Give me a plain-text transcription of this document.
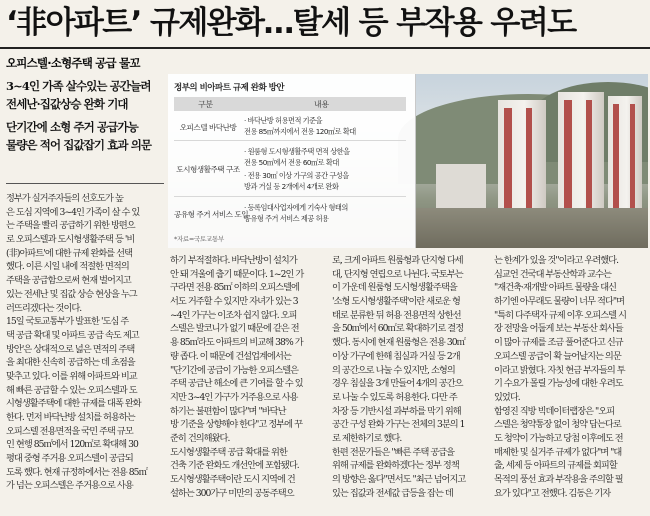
‘非아파트’ 규제완화…탈세 등 부작용 우려도
오피스텔·소형주택 공급 물꼬
3~4인 가족 살수있는 공간늘려
전세난·집값상승 완화 기대
단기간에 소형 주거 공급가능
물량은 적어 집값잡기 효과 의문
정부의 비아파트 규제 완화 방안
구분	내용
오피스텔 바닥난방
· 바닥난방 허용면적 기준을
전용 85㎡까지에서 전용 120㎡로 확대
도시형생활주택 구조
· 원룸형 도시형생활주택 면적 상한을
전용 50㎡에서 전용 60㎡로 확대
· 전용 30㎡ 이상 가구의 공간 구성을
방과 거실 등 2개에서 4개로 완화
공유형 주거 서비스 도입
· 등록임대사업자에게 기숙사 형태의
공유형 주거 서비스 제공 허용
*자료=국토교통부
정부가 실거주자들의 선호도가 높
은 도심 지역에 3~4인 가족이 살 수 있
는 주택을 빨리 공급하기 위한 방편으
로 오피스텔과 도시형생활주택 등 '비
(非)아파트'에 대한 규제 완화를 선택
했다. 이른 시일 내에 적절한 면적의
주택을 공급함으로써 현재 벌어지고
있는 전세난 및 집값 상승 현상을 누그
러뜨리겠다는 것이다.
15일 국토교통부가 발표한 '도심 주
택 공급 확대 및 아파트 공급 속도 제고
방안'은 상대적으로 넓은 면적의 주택
을 최대한 신속히 공급하는 데 초점을
맞추고 있다. 이를 위해 아파트와 비교
해 빠른 공급할 수 있는 오피스텔과 도
시형생활주택에 대한 규제를 대폭 완화
한다. 먼저 바닥난방 설치를 허용하는
오피스텔 전용면적을 국민 주택 규모
인 현행 85㎡에서 120㎡로 확대해 30
평대 중형 주거용 오피스텔이 공급되
도록 했다. 현재 규정하에서는 전용 85㎡
가 넘는 오피스텔은 주거용으로 사용
하기 부적절하다. 바닥난방이 설치가
안 돼 겨울에 춥기 때문이다. 1~2인 가
구라면 전용 85㎡ 이하의 오피스텔에
서도 거주할 수 있지만 자녀가 있는 3
~4인 가구는 이조차 쉽지 않다. 오피
스텔은 발코니가 없기 때문에 같은 전
용 85㎡라도 아파트의 비교해 38% 가
량 좁다. 이 때문에 건설업계에서는
"단기간에 공급이 가능한 오피스텔은
주택 공급난 해소에 큰 기여를 할 수 있
지만 3~4인 가구가 거주용으로 사용
하기는 불편함이 많다"며 "바닥난
방 기준을 상향해야 한다"고 정부에 꾸
준히 건의해왔다.
도시형생활주택 공급 확대를 위한
건축 기준 완화도 개선안에 포함됐다.
도시형생활주택이란 도시 지역에 건
설하는 300가구 미만의 공동주택으
로, 크게 아파트 원룸형과 단지형 다세
대, 단지형 연립으로 나뉜다. 국토부는
이 가운데 원룸형 도시형생활주택을
'소형 도시형생활주택'이란 새로운 형
태로 분류한 뒤 허용 전용면적 상한선
을 50㎡에서 60㎡로 확대하기로 결정
했다. 동시에 현재 원룸형은 전용 30㎡
이상 가구에 한해 침실과 거실 등 2개
의 공간으로 나눌 수 있지만, 소형의
경우 침실을 3개 만들어 4개의 공간으
로 나눌 수 있도록 허용한다. 다만 주
차장 등 기반시설 과부하를 막기 위해
공간 구성 완화 가구는 전체의 3분의 1
로 제한하기로 했다.
한편 전문가들은 "빠른 주택 공급을
위해 규제를 완화하겠다는 정부 정책
의 방향은 옳다"면서도 "최근 넘어지고
있는 집값과 전세값 급등을 잡는 데
는 한계가 있을 것"이라고 우려했다.
심교언 건국대 부동산학과 교수는
"재건축·재개발 아파트 물량을 대신
하기엔 아무래도 물량이 너무 적다"며
"특히 다주택자 규제 이후 오피스텔 시
장 전망을 어둡게 보는 부동산 회사들
이 많아 규제를 조금 풀어준다고 신규
오피스텔 공급이 확 늘어날지는 의문
이라고 밝혔다. 자칫 현금 부자들의 투
기 수요가 몰릴 가능성에 대한 우려도
있었다.
함영진 직방 빅데이터랩장은 "오피
스텔은 청약통장 없이 청약 답는다로
도 청약이 가능하고 당첨 이후에도 전
매제한 및 실거주 규제가 없다"며 "대
출, 세제 등 아파트의 규제를 회피할
목적의 풍선 효과 부작용을 주의할 필
요가 있다"고 전했다. 김동은 기자
